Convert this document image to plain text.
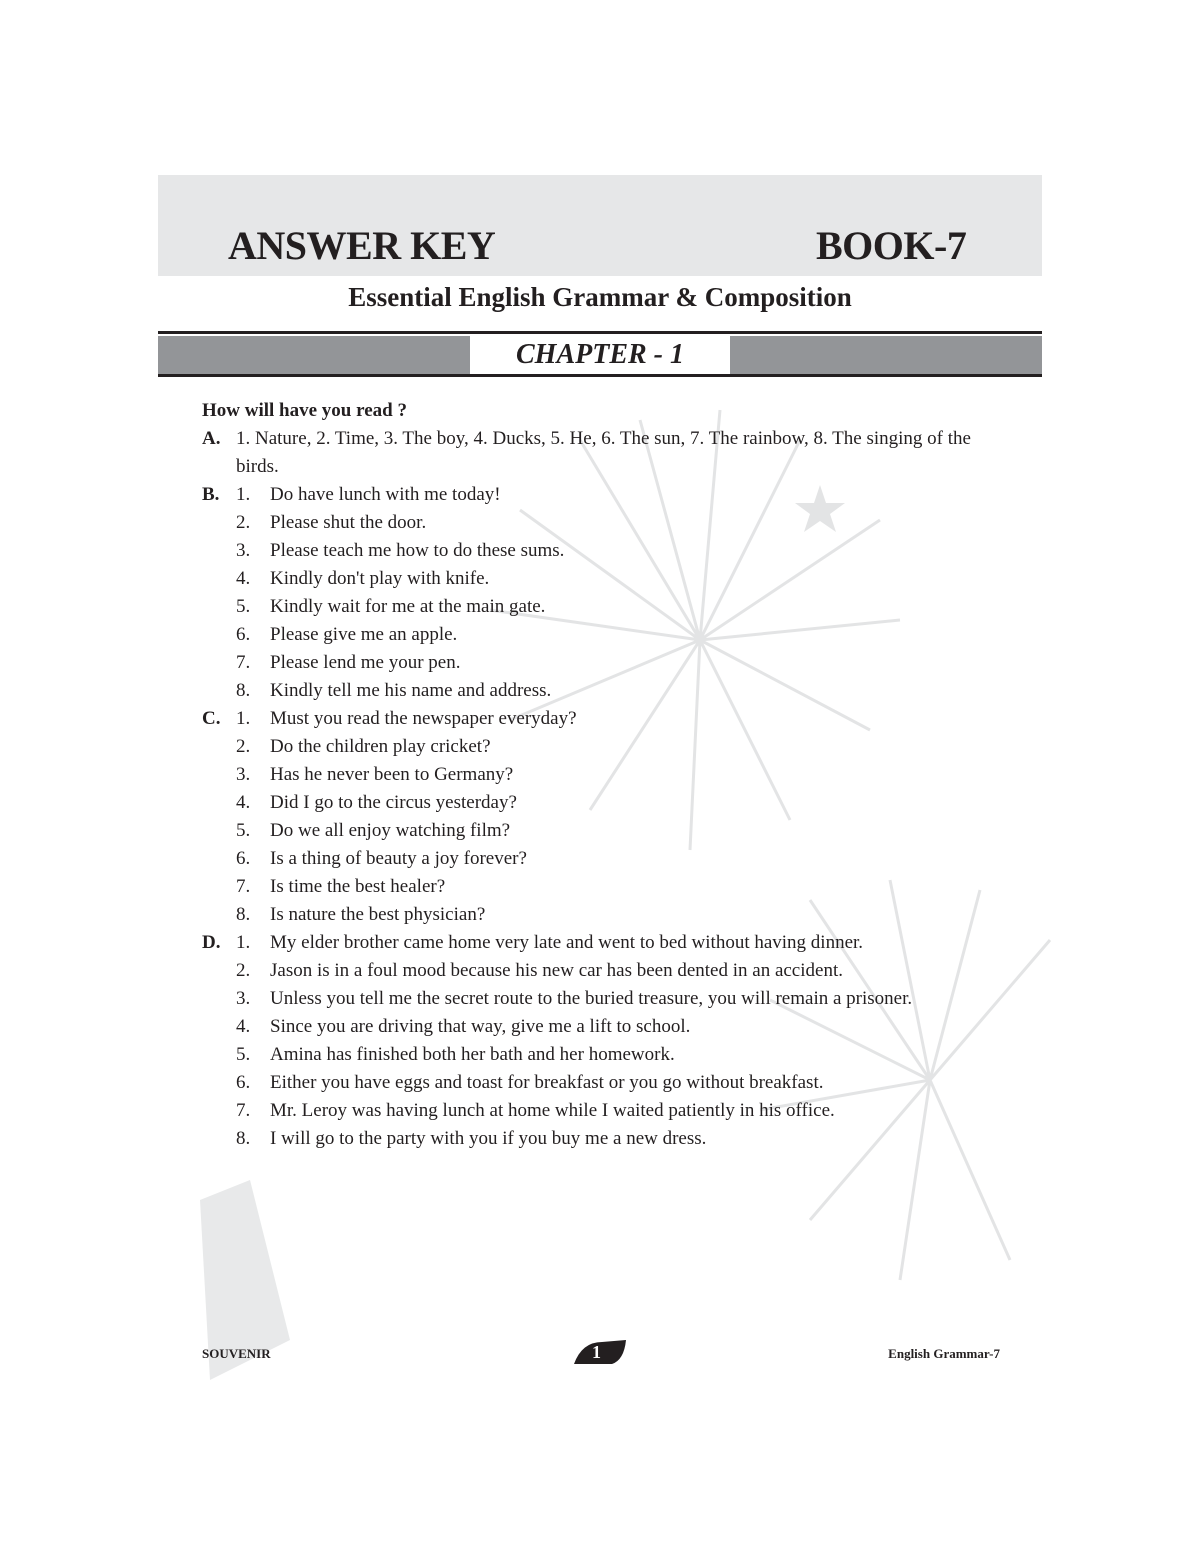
ANSWER KEY	BOOK-7
Essential English Grammar & Composition
CHAPTER - 1
How will have you read ?
A. 1. Nature, 2. Time, 3. The boy, 4. Ducks, 5. He, 6. The sun, 7. The rainbow, 8. The singing of the birds.
B. 1.	Do have lunch with me today!
2.	Please shut the door.
3.	Please teach me how to do these sums.
4.	Kindly don't play with knife.
5.	Kindly wait for me at the main gate.
6.	Please give me an apple.
7.	Please lend me your pen.
8.	Kindly tell me his name and address.
C. 1.	Must you read the newspaper everyday?
2.	Do the children play cricket?
3.	Has he never been to Germany?
4.	Did I go to the circus yesterday?
5.	Do we all enjoy watching film?
6.	Is a thing of beauty a joy forever?
7.	Is time the best healer?
8.	Is nature the best physician?
D. 1.	My elder brother came home very late and went to bed without having dinner.
2.	Jason is in a foul mood because his new car has been dented in an accident.
3.	Unless you tell me the secret route to the buried treasure, you will remain a prisoner.
4.	Since you are driving that way, give me a lift to school.
5.	Amina has finished both her bath and her homework.
6.	Either you have eggs and toast for breakfast or you go without breakfast.
7.	Mr. Leroy was having lunch at home while I waited patiently in his office.
8.	I will go to the party with you if you buy me a new dress.
SOUVENIR	1	English Grammar-7
